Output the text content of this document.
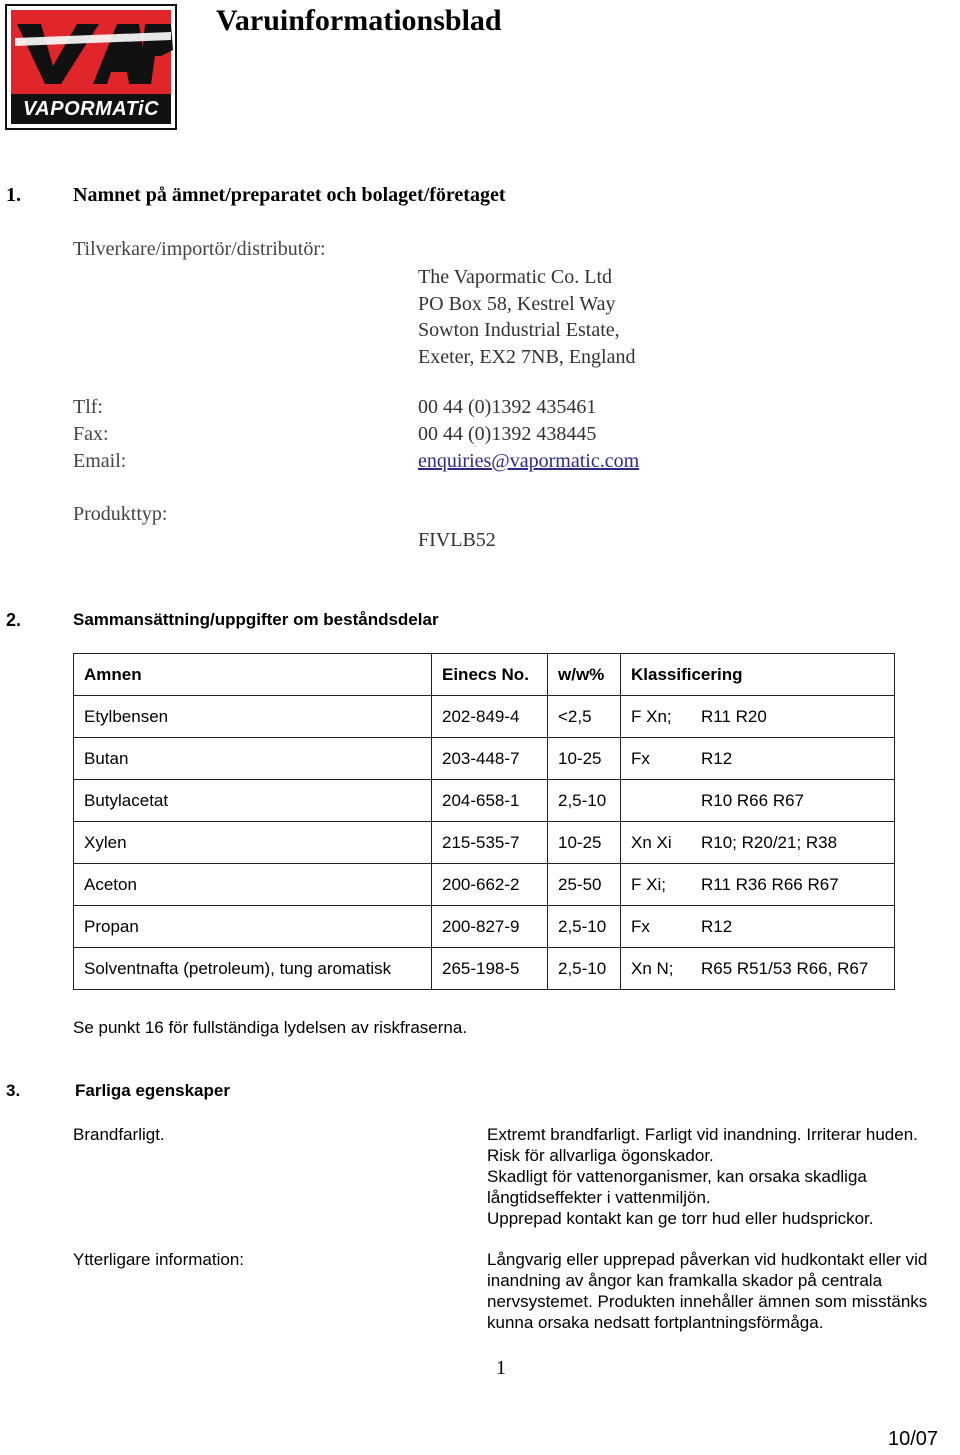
VAPORMATiC
Varuinformationsblad
1.	Namnet på ämnet/preparatet och bolaget/företaget
Tilverkare/importör/distributör:
The Vapormatic Co. Ltd
PO Box 58, Kestrel Way
Sowton Industrial Estate,
Exeter, EX2 7NB, England
Tlf:	00 44 (0)1392 435461
Fax:	00 44 (0)1392 438445
Email:	enquiries@vapormatic.com
Produkttyp:
FIVLB52
2.	Sammansättning/uppgifter om beståndsdelar
Amnen	Einecs No.	w/w%	Klassificering	
Etylbensen	202-849-4	<2,5	F Xn;	R11 R20
Butan	203-448-7	10-25	Fx	R12
Butylacetat	204-658-1	2,5-10		R10 R66 R67
Xylen	215-535-7	10-25	Xn Xi	R10; R20/21; R38
Aceton	200-662-2	25-50	F Xi;	R11 R36 R66 R67
Propan	200-827-9	2,5-10	Fx	R12
Solventnafta (petroleum), tung aromatisk	265-198-5	2,5-10	Xn N;	R65 R51/53 R66, R67
Se punkt 16 för fullständiga lydelsen av riskfraserna.
3.	Farliga egenskaper
Brandfarligt.	Extremt brandfarligt. Farligt vid inandning. Irriterar huden.
Risk för allvarliga ögonskador.
Skadligt för vattenorganismer, kan orsaka skadliga
långtidseffekter i vattenmiljön.
Upprepad kontakt kan ge torr hud eller hudsprickor.
Ytterligare information:	Långvarig eller upprepad påverkan vid hudkontakt eller vid
inandning av ångor kan framkalla skador på centrala
nervsystemet. Produkten innehåller ämnen som misstänks
kunna orsaka nedsatt fortplantningsförmåga.
1
10/07
